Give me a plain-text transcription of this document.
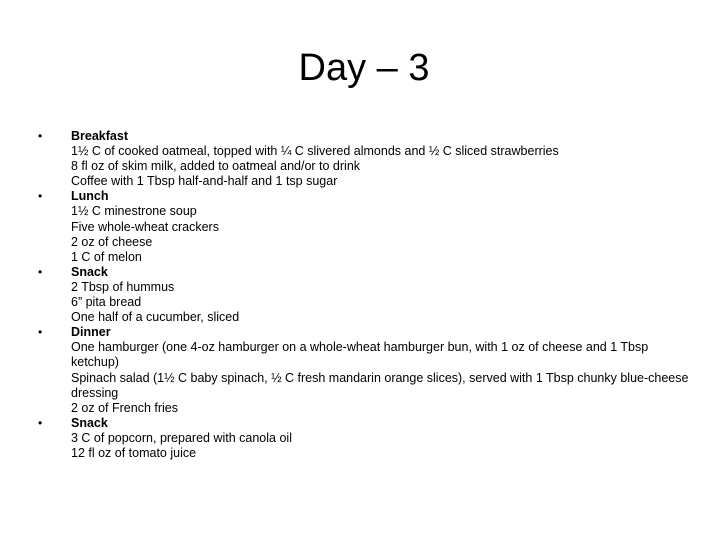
Day – 3
•	Breakfast
1½ C of cooked oatmeal, topped with ¼ C slivered almonds and ½ C sliced strawberries
8 fl oz of skim milk, added to oatmeal and/or to drink
Coffee with 1 Tbsp half-and-half and 1 tsp sugar
•	Lunch
1½ C minestrone soup
Five whole-wheat crackers
2 oz of cheese
1 C of melon
•	Snack
2 Tbsp of hummus
6” pita bread
One half of a cucumber, sliced
•	Dinner
One hamburger (one 4-oz hamburger on a whole-wheat hamburger bun, with 1 oz of cheese and 1 Tbsp ketchup)
Spinach salad (1½ C baby spinach, ½ C fresh mandarin orange slices), served with 1 Tbsp chunky blue-cheese dressing
2 oz of French fries
•	Snack
3 C of popcorn, prepared with canola oil
12 fl oz of tomato juice
